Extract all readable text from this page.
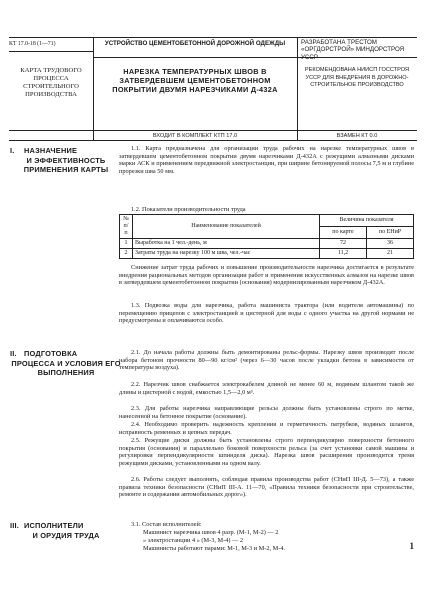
КТ 17.0-18 (1—71)
КАРТА ТРУДОВОГО ПРОЦЕССА СТРОИТЕЛЬНОГО ПРОИЗВОДСТВА
УСТРОЙСТВО ЦЕМЕНТОБЕТОННОЙ ДОРОЖНОЙ ОДЕЖДЫ
НАРЕЗКА ТЕМПЕРАТУРНЫХ ШВОВ В ЗАТВЕРДЕВШЕМ ЦЕМЕНТОБЕТОННОМ ПОКРЫТИИ ДВУМЯ НАРЕЗЧИКАМИ Д-432А
РАЗРАБОТАНА ТРЕСТОМ «ОРГДОРСТРОЙ» МИНДОРСТРОЯ УССР
РЕКОМЕНДОВАНА НИИСП ГОССТРОЯ УССР ДЛЯ ВНЕДРЕНИЯ В ДОРОЖНО-СТРОИТЕЛЬНОЕ ПРОИЗВОДСТВО
ВХОДИТ В КОМПЛЕКТ КТП 17.0	ВЗАМЕН КТ 0.0
I. НАЗНАЧЕНИЕ
И ЭФФЕКТИВНОСТЬ ПРИМЕНЕНИЯ КАРТЫ

1.1. Карта предназначена для организации труда рабочих на нарезке температурных швов в затвердевшем цементобетонном покрытии двумя нарезчиками Д-432А с режущими алмазными дисками марки АСК и применением передвижной электростанции, при ширине бетонируемой полосы 7,5 м и глубине прорезки шва 50 мм.

1.2. Показатели производительности труда

№ п/п	Наименование показателей	Величина показателя	
		по карте	по ЕНиР
1	Выработка на 1 чел.-день, м	72	36
2	Затраты труда на нарезку 100 м шва, чел.-час	11,2	21

Снижение затрат труда рабочих и повышение производительности нарезчика достигается в результате внедрения рациональных методов организации работ и применения искусственных алмазов на нарезке швов в затвердевшем цементобетонном покрытии (основания) модернизированным нарезчиком Д-432А.

1.3. Подвозка воды для нарезчика, работа машиниста трактора (или водителя автомашины) по перемещению прицепов с электростанцией и цистерной для воды с одного участка на другой нормами не предусмотрены и оплачиваются особо.

II. ПОДГОТОВКА
ПРОЦЕССА И УСЛОВИЯ ЕГО ВЫПОЛНЕНИЯ

2.1. До начала работы должны быть демонтированы рельс-формы. Нарезку швов производят после набора бетоном прочности 80—90 кг/см² (через 6—30 часов после укладки бетона в зависимости от температуры воздуха).

2.2. Нарезчик швов снабжается электрокабелем длиной не менее 60 м, водяным шлангом такой же длины и цистерной с водой, емкостью 1,5—2,0 м³.

2.3. Для работы нарезчика направляющие рельсы должны быть установлены строго по метке, нанесенной на бетонное покрытие (основание).

2.4. Необходимо проверить надежность крепления и герметичность патрубков, водяных шлангов, исправность ременных и цепных передач.

2.5. Режущие диски должны быть установлены строго перпендикулярно поверхности бетонного покрытия (основания) и параллельно боковой поверхности рельса (за счет установки самой машины и регулировки перпендикулярности шпинделя диска). Нарезка швов расширения производится тремя режущими дисками, установленными на одном валу.

2.6. Работы следует выполнять, соблюдая правила производства работ (СНиП III-Д. 5—73), а также правила техники безопасности (СНиП III-А. 11—70, «Правила техники безопасности при строительстве, ремонте и содержании автомобильных дорог»).

III. ИСПОЛНИТЕЛИ
И ОРУДИЯ ТРУДА

3.1. Состав исполнителей:

Машинист нарезчика швов 4 разр. (М-1, М-2) — 2

» электростанции 4 » (М-3, М-4) — 2

Машинисты работают парами: М-1, М-3 и М-2, М-4.	1
